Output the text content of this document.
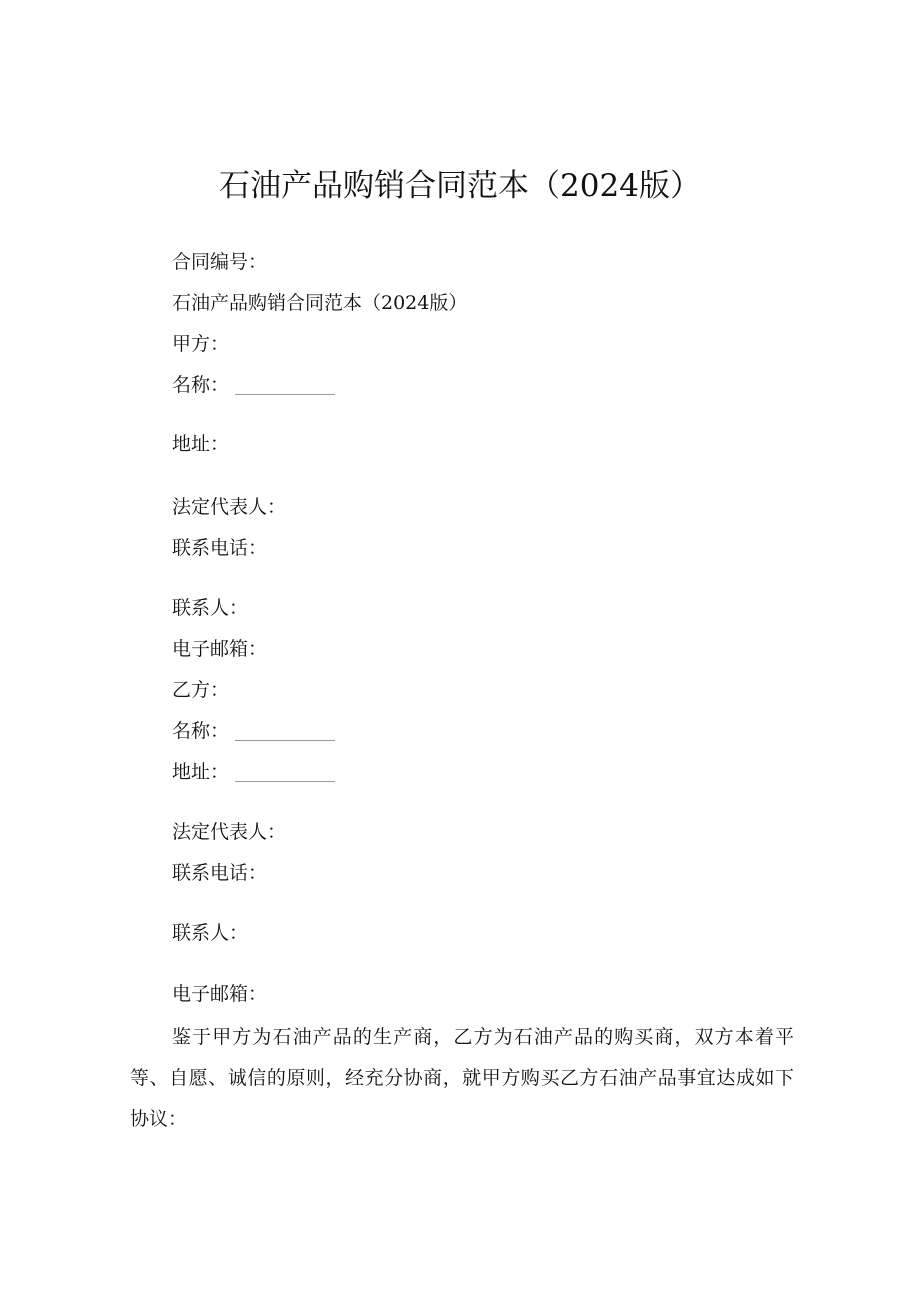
石油产品购销合同范本（2024版）
合同编号：
石油产品购销合同范本（2024版）
甲方：
名称：
地址：
法定代表人：
联系电话：
联系人：
电子邮箱：
乙方：
名称：
地址：
法定代表人：
联系电话：
联系人：
电子邮箱：
鉴于甲方为石油产品的生产商，乙方为石油产品的购买商，双方本着平等、自愿、诚信的原则，经充分协商，就甲方购买乙方石油产品事宜达成如下协议：
